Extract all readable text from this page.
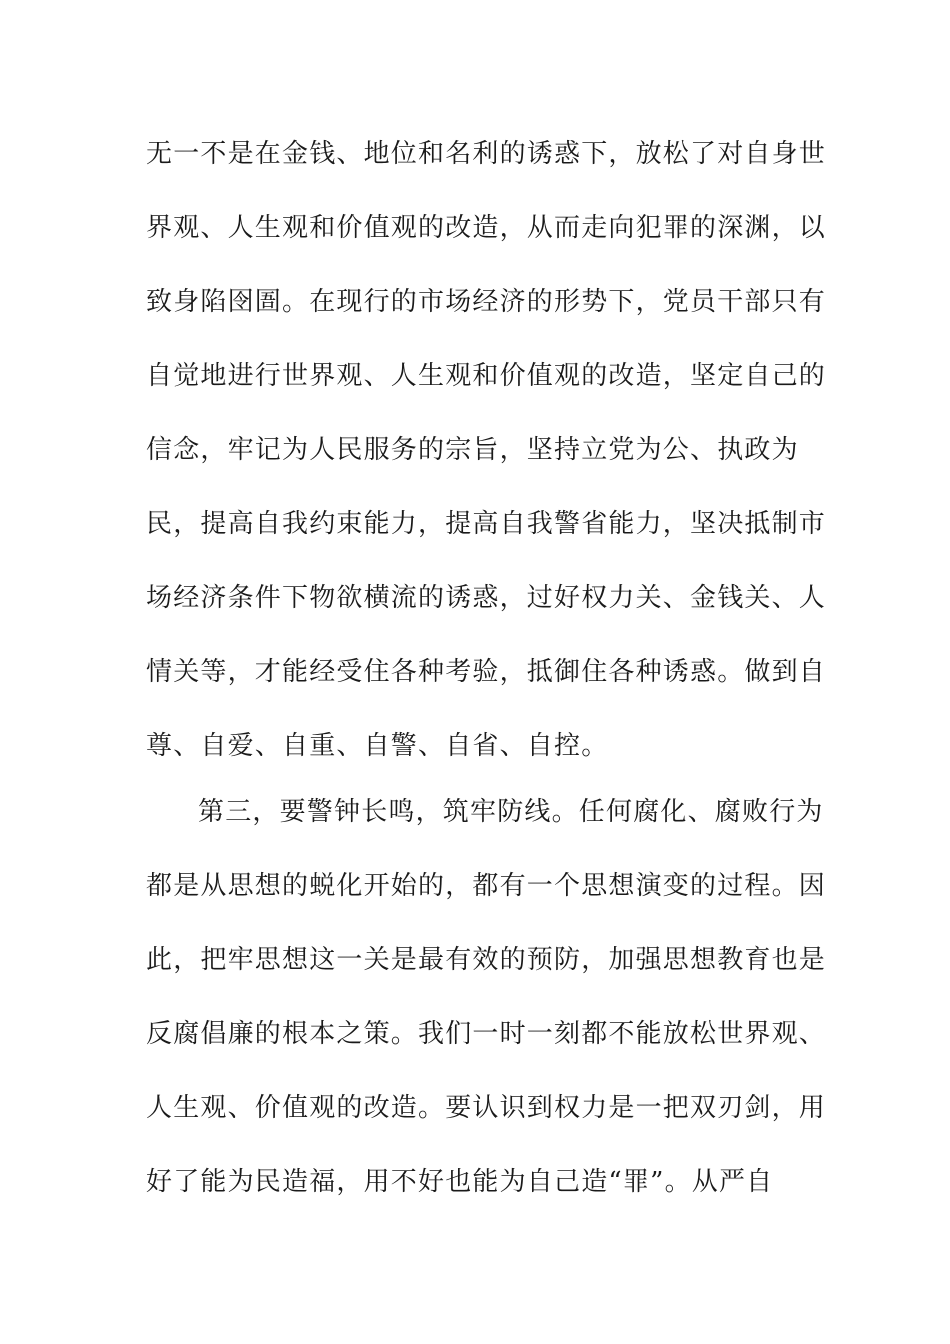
无一不是在金钱、地位和名利的诱惑下，放松了对自身世
界观、人生观和价值观的改造，从而走向犯罪的深渊，以
致身陷囹圄。在现行的市场经济的形势下，党员干部只有
自觉地进行世界观、人生观和价值观的改造，坚定自己的
信念，牢记为人民服务的宗旨，坚持立党为公、执政为
民，提高自我约束能力，提高自我警省能力，坚决抵制市
场经济条件下物欲横流的诱惑，过好权力关、金钱关、人
情关等，才能经受住各种考验，抵御住各种诱惑。做到自
尊、自爱、自重、自警、自省、自控。
第三，要警钟长鸣，筑牢防线。任何腐化、腐败行为
都是从思想的蜕化开始的，都有一个思想演变的过程。因
此，把牢思想这一关是最有效的预防，加强思想教育也是
反腐倡廉的根本之策。我们一时一刻都不能放松世界观、
人生观、价值观的改造。要认识到权力是一把双刃剑，用
好了能为民造福，用不好也能为自己造“罪”。从严自
